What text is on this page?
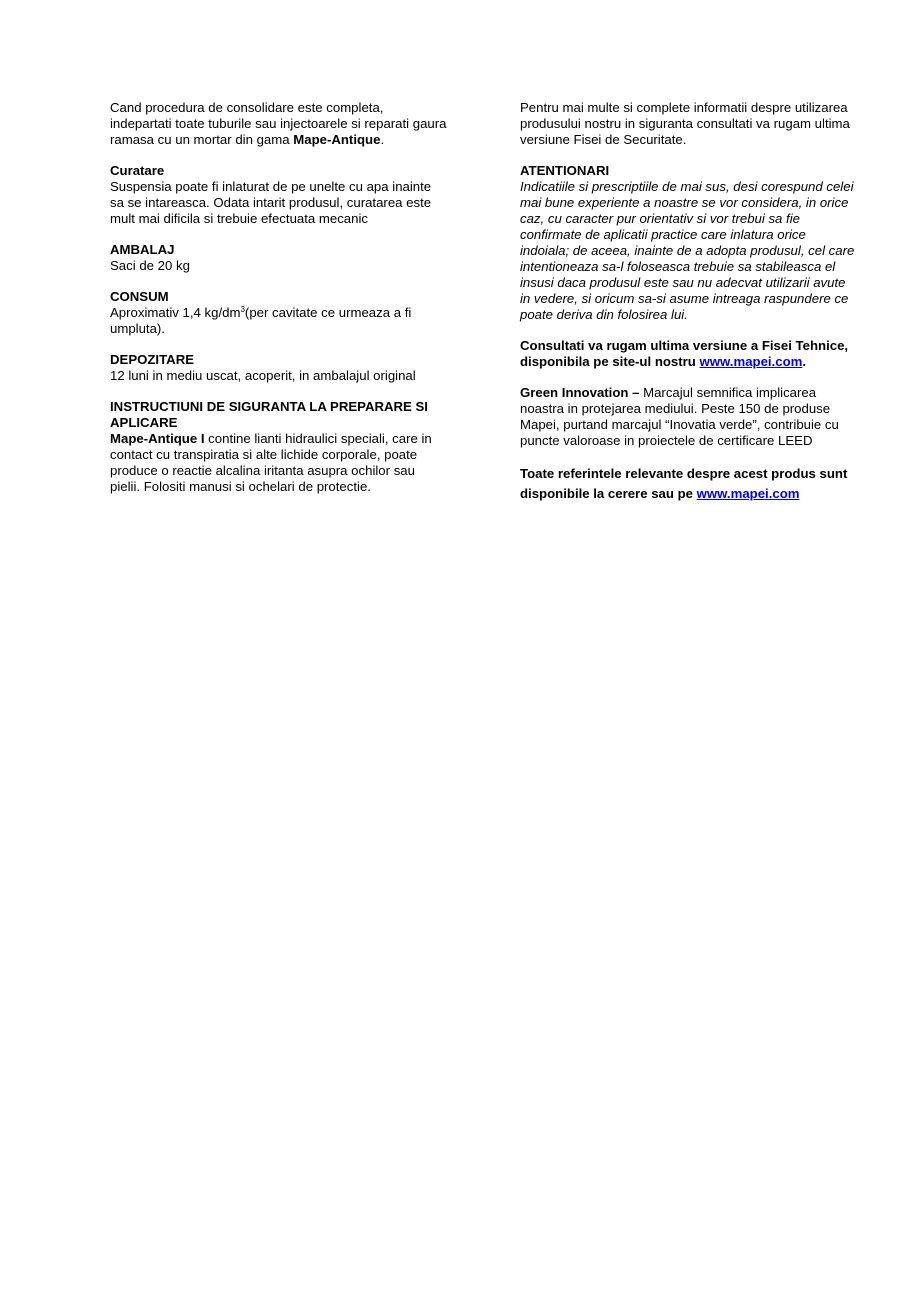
Cand procedura de consolidare este completa,
indepartati toate tuburile sau injectoarele si reparati gaura
ramasa cu un mortar din gama Mape-Antique.

Curatare
Suspensia poate fi inlaturat de pe unelte cu apa inainte
sa se intareasca. Odata intarit produsul, curatarea este
mult mai dificila si trebuie efectuata mecanic

AMBALAJ
Saci de 20 kg

CONSUM
Aproximativ 1,4 $kg/dm^3(per$ cavitate ce urmeaza a fi
umpluta).

DEPOZITARE
12 luni in mediu uscat, acoperit, in ambalajul original

INSTRUCTIUNI DE SIGURANTA LA PREPARARE SI
APLICARE
Mape-Antique I contine lianti hidraulici speciali, care in
contact cu transpiratia si alte lichide corporale, poate
produce o reactie alcalina iritanta asupra ochilor sau
pielii. Folositi manusi si ochelari de protectie.

Pentru mai multe si complete informatii despre utilizarea
produsului nostru in siguranta consultati va rugam ultima
versiune Fisei de Securitate.

ATENTIONARI
Indicatiile si prescriptiile de mai sus, desi corespund celei
mai bune experiente a noastre se vor considera, in orice
caz, cu caracter pur orientativ si vor trebui sa fie
confirmate de aplicatii practice care inlatura orice
indoiala; de aceea, inainte de a adopta produsul, cel care
intentioneaza sa-l foloseasca trebuie sa stabileasca el
insusi daca produsul este sau nu adecvat utilizarii avute
in vedere, si oricum sa-si asume intreaga raspundere ce
poate deriva din folosirea lui.

Consultati va rugam ultima versiune a Fisei Tehnice,
disponibila pe site-ul nostru www.mapei.com.

Green Innovation – Marcajul semnifica implicarea
noastra in protejarea mediului. Peste 150 de produse
Mapei, purtand marcajul “Inovatia verde”, contribuie cu
puncte valoroase in proiectele de certificare LEED

Toate referintele relevante despre acest produs sunt
disponibile la cerere sau pe www.mapei.com
